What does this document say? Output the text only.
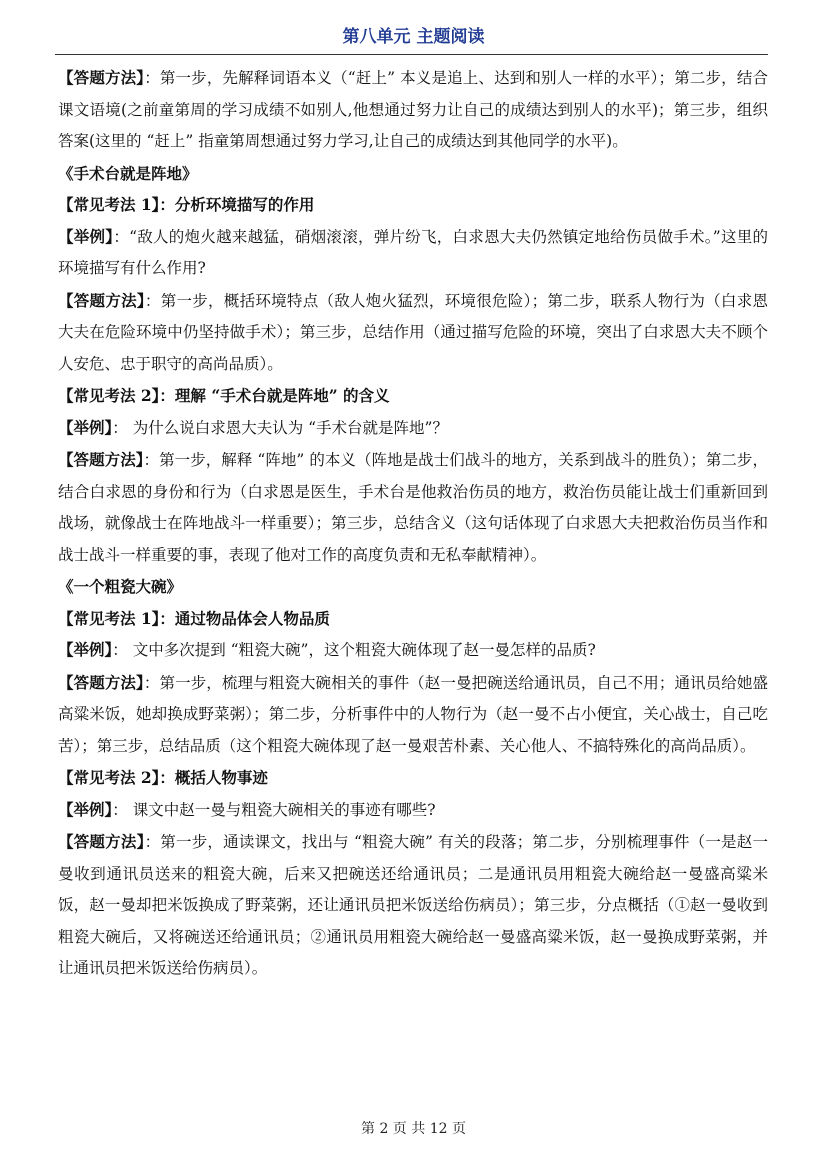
第八单元 主题阅读

【答题方法】：第一步，先解释词语本义（“赶上” 本义是追上、达到和别人一样的水平）；第二步，结合课文语境(之前童第周的学习成绩不如别人,他想通过努力让自己的成绩达到别人的水平)；第三步，组织答案(这里的 “赶上” 指童第周想通过努力学习,让自己的成绩达到其他同学的水平)。

《手术台就是阵地》

【常见考法 1】：分析环境描写的作用

【举例】：“敌人的炮火越来越猛，硝烟滚滚，弹片纷飞，白求恩大夫仍然镇定地给伤员做手术。”这里的环境描写有什么作用?

【答题方法】：第一步，概括环境特点（敌人炮火猛烈，环境很危险）；第二步，联系人物行为（白求恩大夫在危险环境中仍坚持做手术）；第三步，总结作用（通过描写危险的环境，突出了白求恩大夫不顾个人安危、忠于职守的高尚品质）。

【常见考法 2】：理解 “手术台就是阵地” 的含义

【举例】： 为什么说白求恩大夫认为 “手术台就是阵地”？

【答题方法】：第一步，解释 “阵地” 的本义（阵地是战士们战斗的地方，关系到战斗的胜负）；第二步，结合白求恩的身份和行为（白求恩是医生，手术台是他救治伤员的地方，救治伤员能让战士们重新回到战场，就像战士在阵地战斗一样重要）；第三步，总结含义（这句话体现了白求恩大夫把救治伤员当作和战士战斗一样重要的事，表现了他对工作的高度负责和无私奉献精神）。

《一个粗瓷大碗》

【常见考法 1】：通过物品体会人物品质

【举例】： 文中多次提到 “粗瓷大碗”，这个粗瓷大碗体现了赵一曼怎样的品质?

【答题方法】：第一步，梳理与粗瓷大碗相关的事件（赵一曼把碗送给通讯员，自己不用；通讯员给她盛高粱米饭，她却换成野菜粥）；第二步，分析事件中的人物行为（赵一曼不占小便宜，关心战士，自己吃苦）；第三步，总结品质（这个粗瓷大碗体现了赵一曼艰苦朴素、关心他人、不搞特殊化的高尚品质）。

【常见考法 2】：概括人物事迹

【举例】： 课文中赵一曼与粗瓷大碗相关的事迹有哪些?

【答题方法】：第一步，通读课文，找出与 “粗瓷大碗” 有关的段落；第二步，分别梳理事件（一是赵一曼收到通讯员送来的粗瓷大碗，后来又把碗送还给通讯员；二是通讯员用粗瓷大碗给赵一曼盛高粱米饭，赵一曼却把米饭换成了野菜粥，还让通讯员把米饭送给伤病员）；第三步，分点概括（①赵一曼收到粗瓷大碗后，又将碗送还给通讯员；②通讯员用粗瓷大碗给赵一曼盛高粱米饭，赵一曼换成野菜粥，并让通讯员把米饭送给伤病员）。

第 2 页 共 12 页
